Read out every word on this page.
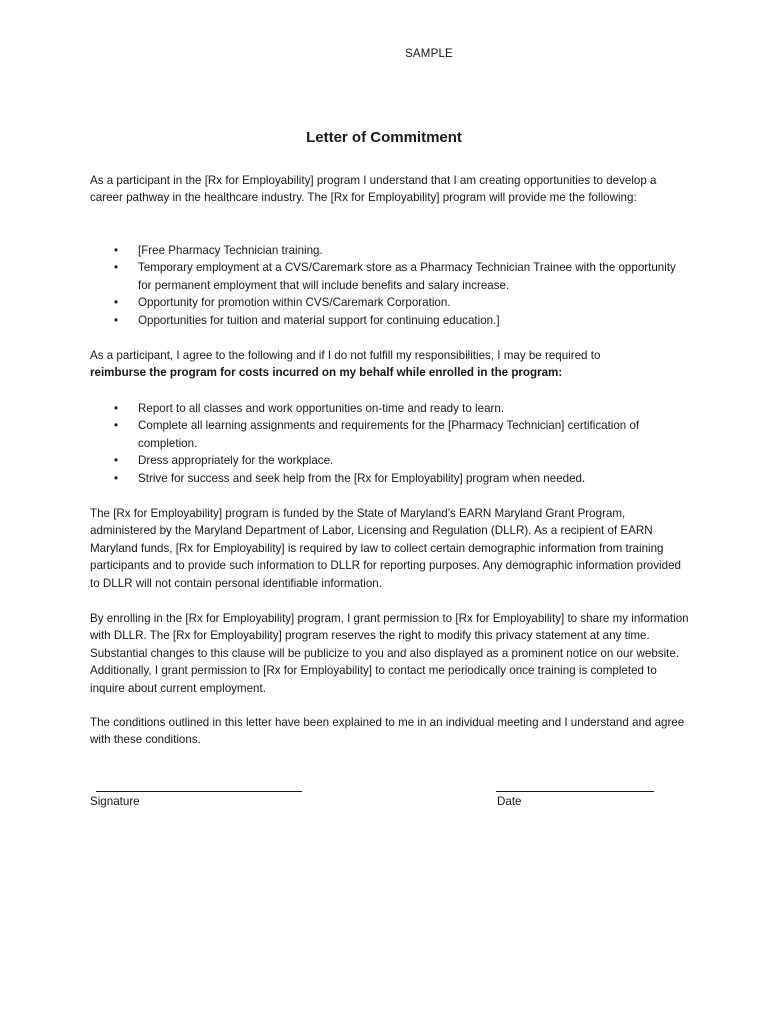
SAMPLE
Letter of Commitment

As a participant in the [Rx for Employability] program I understand that I am creating opportunities to develop a career pathway in the healthcare industry. The [Rx for Employability] program will provide me the following:

• [Free Pharmacy Technician training.
• Temporary employment at a CVS/Caremark store as a Pharmacy Technician Trainee with the opportunity for permanent employment that will include benefits and salary increase.
• Opportunity for promotion within CVS/Caremark Corporation.
• Opportunities for tuition and material support for continuing education.]
As a participant, I agree to the following and if I do not fulfill my responsibilities, I may be required to
reimburse the program for costs incurred on my behalf while enrolled in the program:
• Report to all classes and work opportunities on-time and ready to learn.
• Complete all learning assignments and requirements for the [Pharmacy Technician] certification of completion.
• Dress appropriately for the workplace.
• Strive for success and seek help from the [Rx for Employability] program when needed.

The [Rx for Employability] program is funded by the State of Maryland’s EARN Maryland Grant Program, administered by the Maryland Department of Labor, Licensing and Regulation (DLLR). As a recipient of EARN Maryland funds, [Rx for Employability] is required by law to collect certain demographic information from training participants and to provide such information to DLLR for reporting purposes. Any demographic information provided to DLLR will not contain personal identifiable information.

By enrolling in the [Rx for Employability] program, I grant permission to [Rx for Employability] to share my information with DLLR. The [Rx for Employability] program reserves the right to modify this privacy statement at any time. Substantial changes to this clause will be publicize to you and also displayed as a prominent notice on our website. Additionally, I grant permission to [Rx for Employability] to contact me periodically once training is completed to inquire about current employment.

The conditions outlined in this letter have been explained to me in an individual meeting and I understand and agree with these conditions.

Signature	Date
